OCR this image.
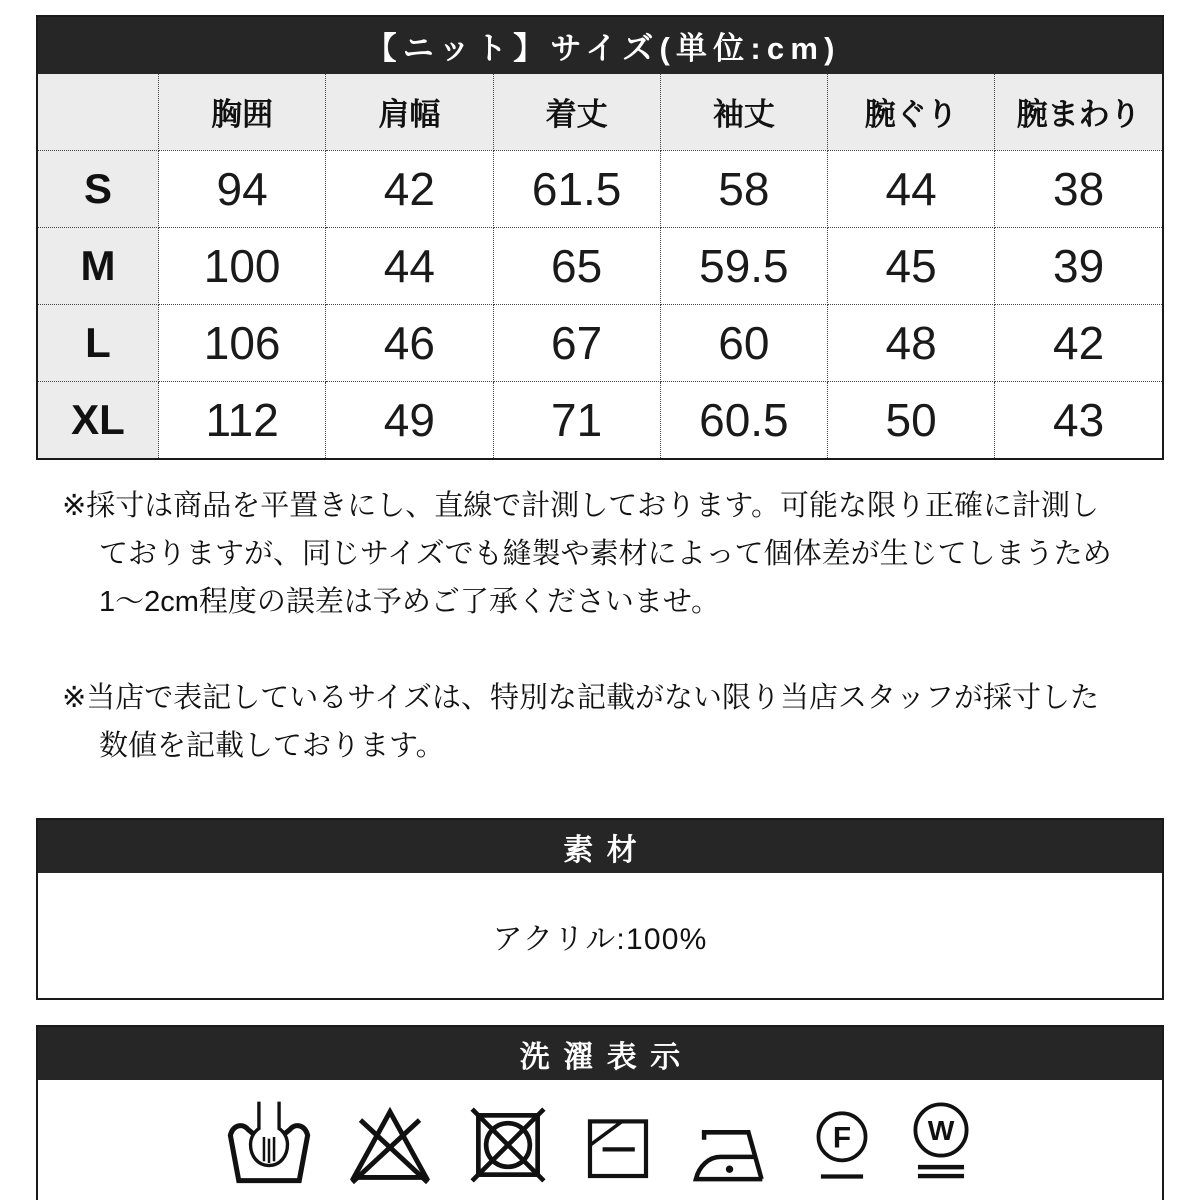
【ニット】サイズ(単位:cm)
	胸囲	肩幅	着丈	袖丈	腕ぐり	腕まわり
S	94	42	61.5	58	44	38
M	100	44	65	59.5	45	39
L	106	46	67	60	48	42
XL	112	49	71	60.5	50	43
※採寸は商品を平置きにし、直線で計測しております。可能な限り正確に計測し
ておりますが、同じサイズでも縫製や素材によって個体差が生じてしまうため
1〜2cm程度の誤差は予めご了承くださいませ。
※当店で表記しているサイズは、特別な記載がない限り当店スタッフが採寸した
数値を記載しております。
素材
アクリル:100%
洗濯表示
F W
